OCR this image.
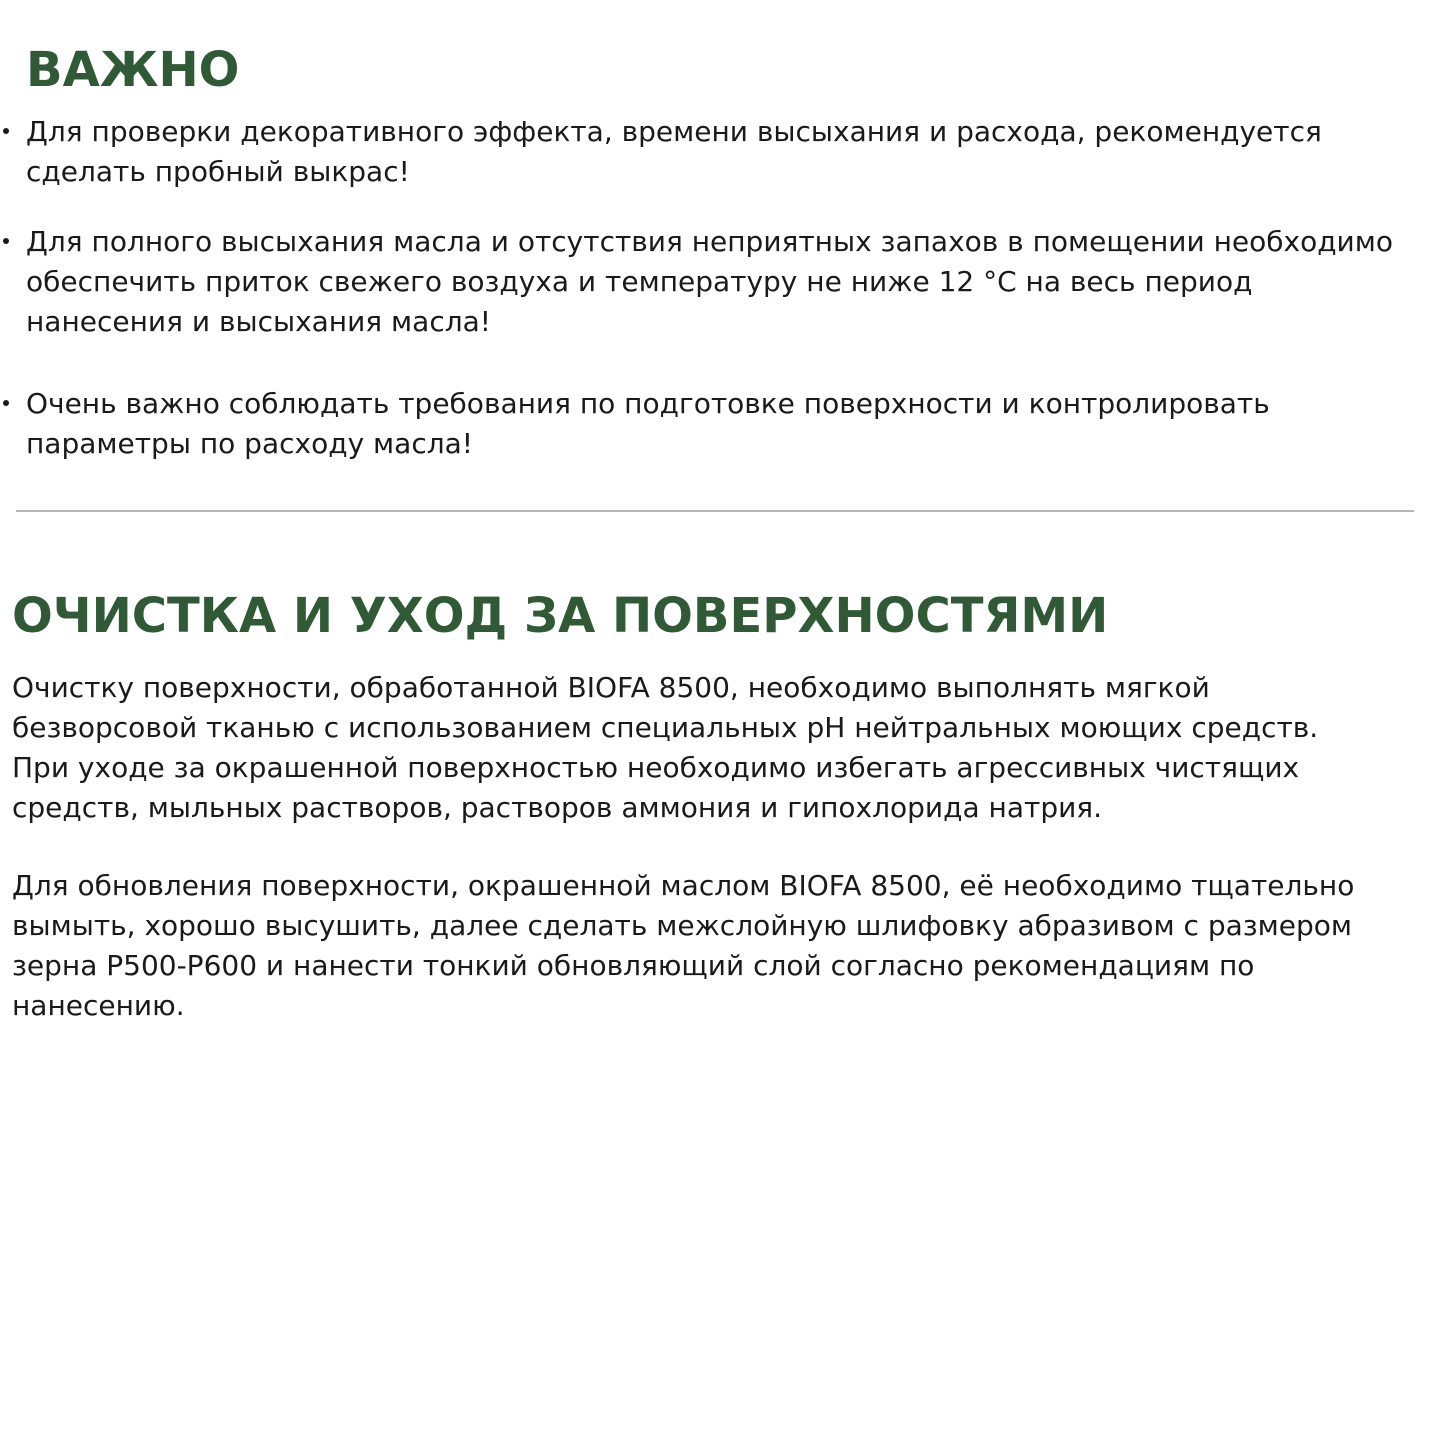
ВАЖНО
Для проверки декоративного эффекта, времени высыхания и расхода, рекомендуется
сделать пробный выкрас!
Для полного высыхания масла и отсутствия неприятных запахов в помещении необходимо
обеспечить приток свежего воздуха и температуру не ниже 12 °С на весь период
нанесения и высыхания масла!
Очень важно соблюдать требования по подготовке поверхности и контролировать
параметры по расходу масла!
ОЧИСТКА И УХОД ЗА ПОВЕРХНОСТЯМИ

Очистку поверхности, обработанной BIOFA 8500, необходимо выполнять мягкой
безворсовой тканью с использованием специальных рН нейтральных моющих средств.
При уходе за окрашенной поверхностью необходимо избегать агрессивных чистящих
средств, мыльных растворов, растворов аммония и гипохлорида натрия.

Для обновления поверхности, окрашенной маслом BIOFA 8500, её необходимо тщательно
вымыть, хорошо высушить, далее сделать межслойную шлифовку абразивом с размером
зерна Р500-Р600 и нанести тонкий обновляющий слой согласно рекомендациям по
нанесению.
